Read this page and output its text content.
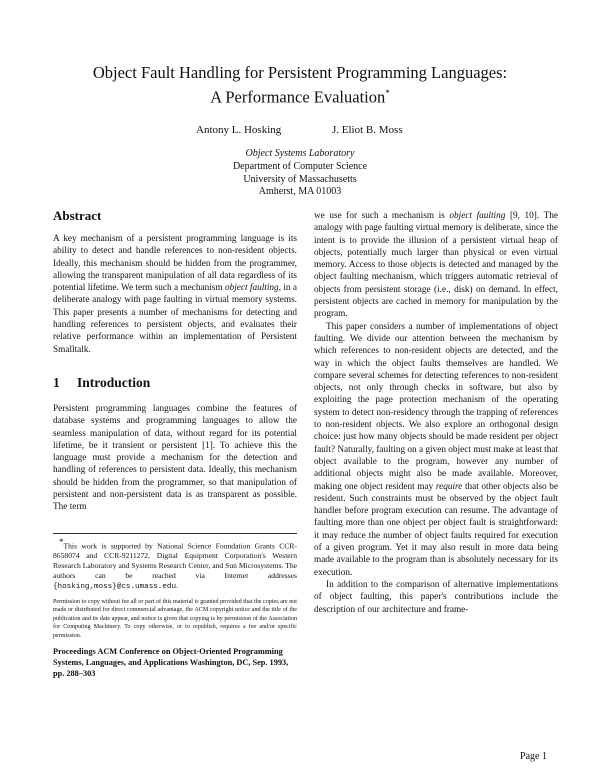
Object Fault Handling for Persistent Programming Languages:
A Performance Evaluation*
Antony L. Hosking	J. Eliot B. Moss
Object Systems Laboratory
Department of Computer Science
University of Massachusetts
Amherst, MA 01003
Abstract

A key mechanism of a persistent programming language is its ability to detect and handle references to non-resident objects. Ideally, this mechanism should be hidden from the programmer, allowing the transparent manipulation of all data regardless of its potential lifetime. We term such a mechanism object faulting, in a deliberate analogy with page faulting in virtual memory systems. This paper presents a number of mechanisms for detecting and handling references to persistent objects, and evaluates their relative performance within an implementation of Persistent Smalltalk.

1 Introduction

Persistent programming languages combine the features of database systems and programming languages to allow the seamless manipulation of data, without regard for its potential lifetime, be it transient or persistent [1]. To achieve this the language must provide a mechanism for the detection and handling of references to persistent data. Ideally, this mechanism should be hidden from the programmer, so that manipulation of persistent and non-persistent data is as transparent as possible. The term

*This work is supported by National Science Foundation Grants CCR-8658074 and CCR-9211272, Digital Equipment Corporation's Western Research Laboratory and Systems Research Center, and Sun Microsystems. The authors can be reached via Internet addresses {hosking,moss}@cs.umass.edu.

Permission to copy without fee all or part of this material is granted provided that the copies are not made or distributed for direct commercial advantage, the ACM copyright notice and the title of the publication and its date appear, and notice is given that copying is by permission of the Association for Computing Machinery. To copy otherwise, or to republish, requires a fee and/or specific permission.

Proceedings ACM Conference on Object-Oriented Programming Systems, Languages, and Applications Washington, DC, Sep. 1993, pp. 288–303

we use for such a mechanism is object faulting [9, 10]. The analogy with page faulting virtual memory is deliberate, since the intent is to provide the illusion of a persistent virtual heap of objects, potentially much larger than physical or even virtual memory. Access to those objects is detected and managed by the object faulting mechanism, which triggers automatic retrieval of objects from persistent storage (i.e., disk) on demand. In effect, persistent objects are cached in memory for manipulation by the program.

This paper considers a number of implementations of object faulting. We divide our attention between the mechanism by which references to non-resident objects are detected, and the way in which the object faults themselves are handled. We compare several schemes for detecting references to non-resident objects, not only through checks in software, but also by exploiting the page protection mechanism of the operating system to detect non-residency through the trapping of references to non-resident objects. We also explore an orthogonal design choice: just how many objects should be made resident per object fault? Naturally, faulting on a given object must make at least that object available to the program, however any number of additional objects might also be made available. Moreover, making one object resident may require that other objects also be resident. Such constraints must be observed by the object fault handler before program execution can resume. The advantage of faulting more than one object per object fault is straightforward: it may reduce the number of object faults required for execution of a given program. Yet it may also result in more data being made available to the program than is absolutely necessary for its execution.

In addition to the comparison of alternative implementations of object faulting, this paper's contributions include the description of our architecture and frame-

Page 1
